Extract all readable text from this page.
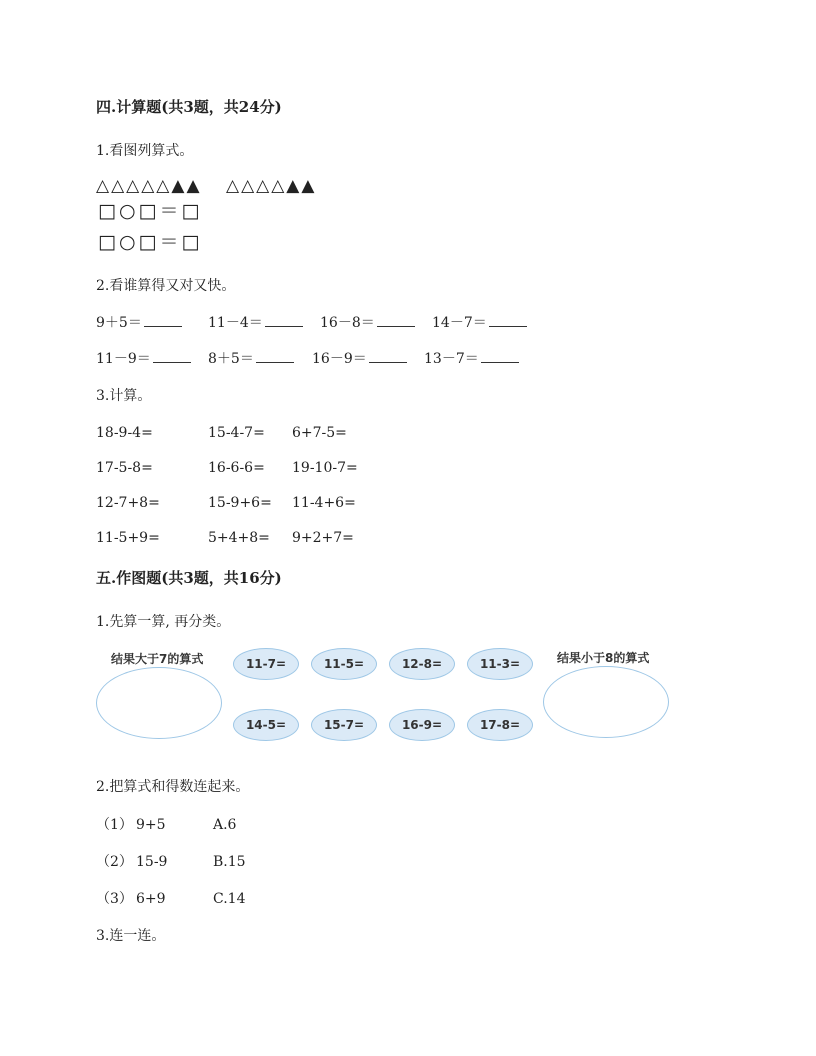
四.计算题(共3题，共24分)
1.看图列算式。
△△△△△▲▲ △△△△▲▲
□○□＝□
□○□＝□
2.看谁算得又对又快。
9＋5＝	11－4＝	16－8＝	14－7＝
11－9＝	8＋5＝	16－9＝	13－7＝
3.计算。
18-9-4=	15-4-7= 6+7-5=
17-5-8=	16-6-6= 19-10-7=
12-7+8=	15-9+6= 11-4+6=
11-5+9=	5+4+8= 9+2+7=
五.作图题(共3题，共16分)
1.先算一算, 再分类。
结果大于7的算式	结果小于8的算式
11-7=	11-5=	12-8=	11-3=
14-5=	15-7=	16-9=	17-8=
2.把算式和得数连起来。
（1） 9+5	A.6
（2） 15-9	B.15
（3） 6+9	C.14
3.连一连。
